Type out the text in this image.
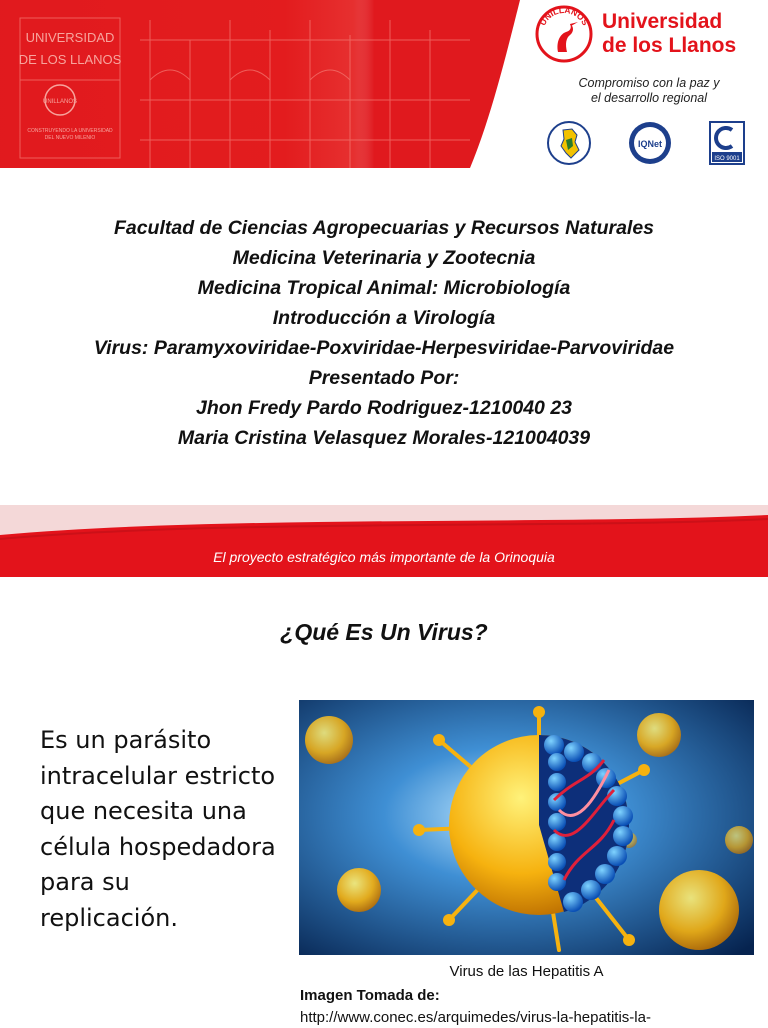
UNIVERSIDAD
DE LOS LLANOS
UNILLANOS
CONSTRUYENDO LA UNIVERSIDAD
DEL NUEVO MILENIO
UNILLANOS Universidad
de los Llanos
Compromiso con la paz y
el desarrollo regional
IQNet
ISO 9001
Facultad de Ciencias Agropecuarias y Recursos Naturales
Medicina Veterinaria y Zootecnia
Medicina Tropical Animal: Microbiología
Introducción a Virología
Virus: Paramyxoviridae-Poxviridae-Herpesviridae-Parvoviridae
Presentado Por:
Jhon Fredy Pardo Rodriguez-1210040 23
Maria Cristina Velasquez Morales-121004039
El proyecto estratégico más importante de la Orinoquia
¿Qué Es Un Virus?
Es un parásito
intracelular estricto
que necesita una
célula hospedadora
para su
replicación.
Virus de las Hepatitis A
Imagen Tomada de:
http://www.conec.es/arquimedes/virus-la-hepatitis-la-
